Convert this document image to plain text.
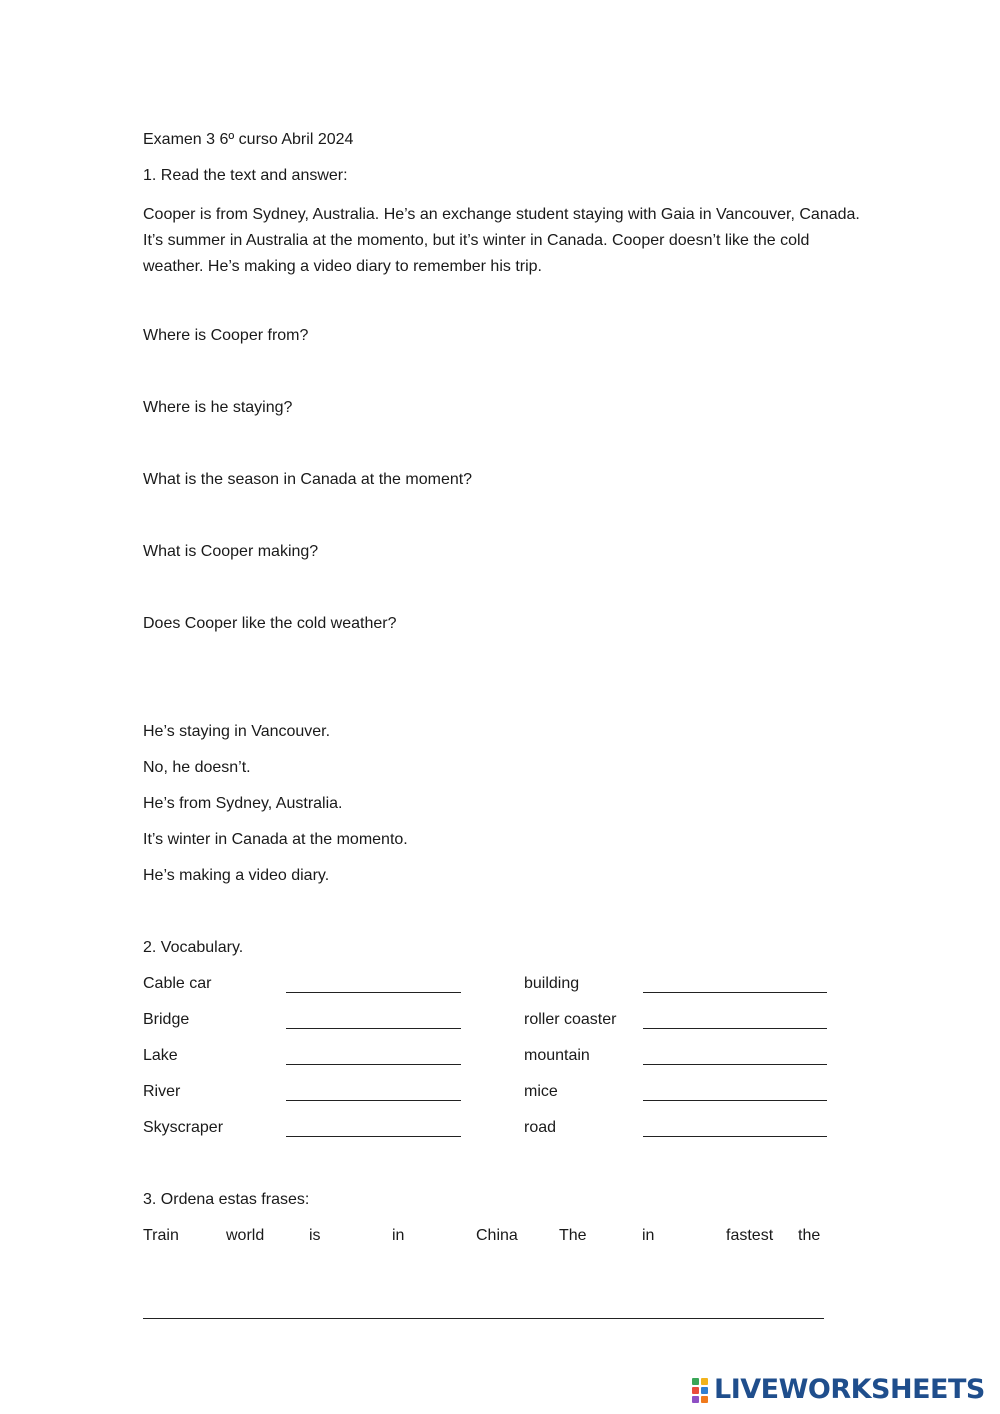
Examen 3 6º curso Abril 2024
1. Read the text and answer:
Cooper is from Sydney, Australia. He’s an exchange student staying with Gaia in Vancouver, Canada.
It’s summer in Australia at the momento, but it’s winter in Canada. Cooper doesn’t like the cold
weather. He’s making a video diary to remember his trip.
Where is Cooper from?
Where is he staying?
What is the season in Canada at the moment?
What is Cooper making?
Does Cooper like the cold weather?
He’s staying in Vancouver.
No, he doesn’t.
He’s from Sydney, Australia.
It’s winter in Canada at the momento.
He’s making a video diary.
2. Vocabulary.
Cable car	building
Bridge	roller coaster
Lake	mountain
River	mice
Skyscraper	road
3. Ordena estas frases:
Train	world	is	in	China	The	in	fastest the
LIVEWORKSHEETS
